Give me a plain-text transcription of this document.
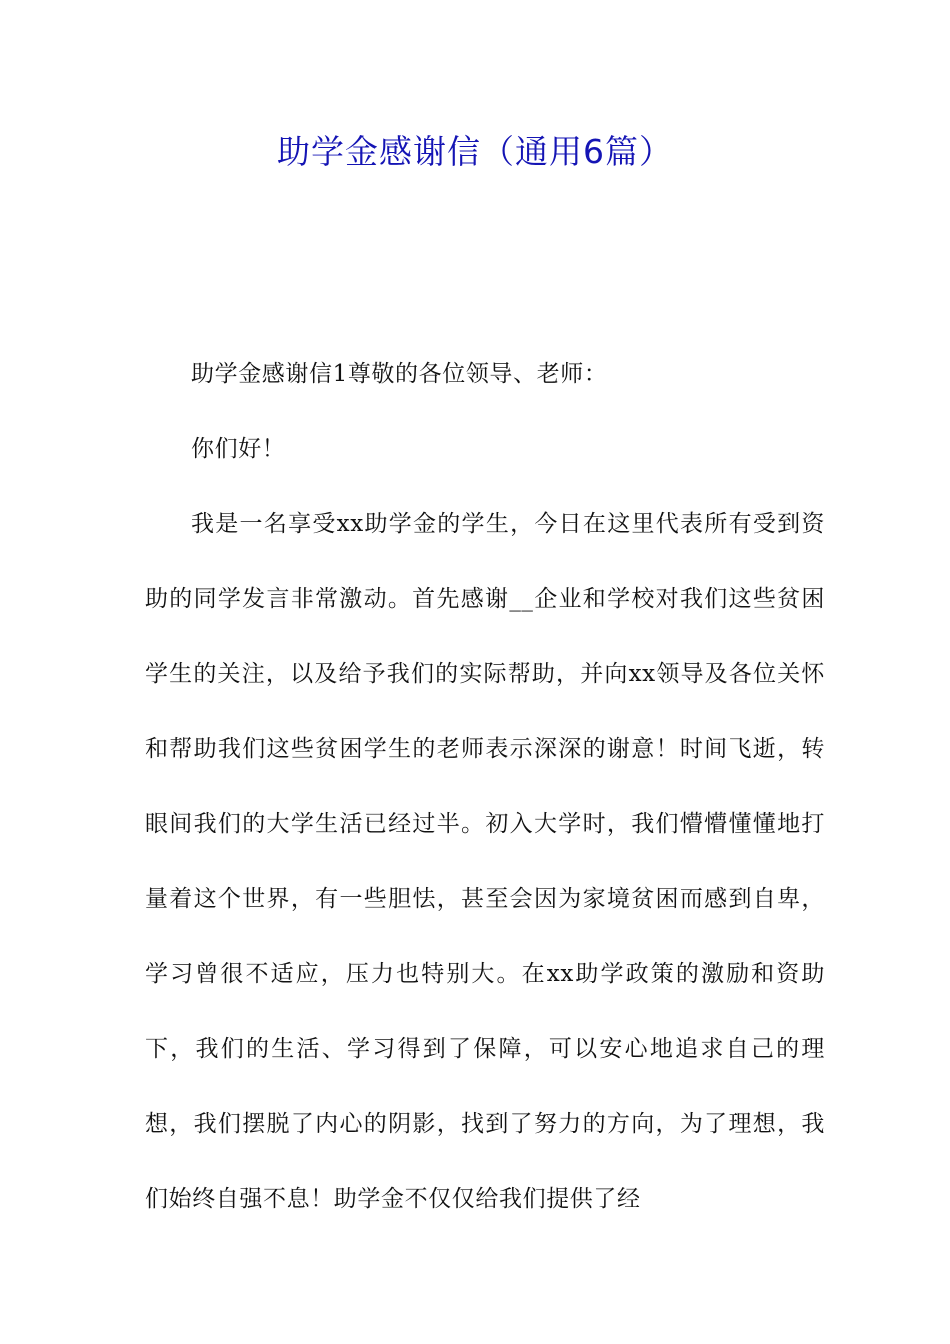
助学金感谢信（通用6篇）

助学金感谢信1尊敬的各位领导、老师：

你们好！

我是一名享受xx助学金的学生，今日在这里代表所有受到资助的同学发言非常激动。首先感谢__企业和学校对我们这些贫困学生的关注，以及给予我们的实际帮助，并向xx领导及各位关怀和帮助我们这些贫困学生的老师表示深深的谢意！时间飞逝，转眼间我们的大学生活已经过半。初入大学时，我们懵懵懂懂地打量着这个世界，有一些胆怯，甚至会因为家境贫困而感到自卑，学习曾很不适应，压力也特别大。在xx助学政策的激励和资助下，我们的生活、学习得到了保障，可以安心地追求自己的理想，我们摆脱了内心的阴影，找到了努力的方向，为了理想，我们始终自强不息！助学金不仅仅给我们提供了经
